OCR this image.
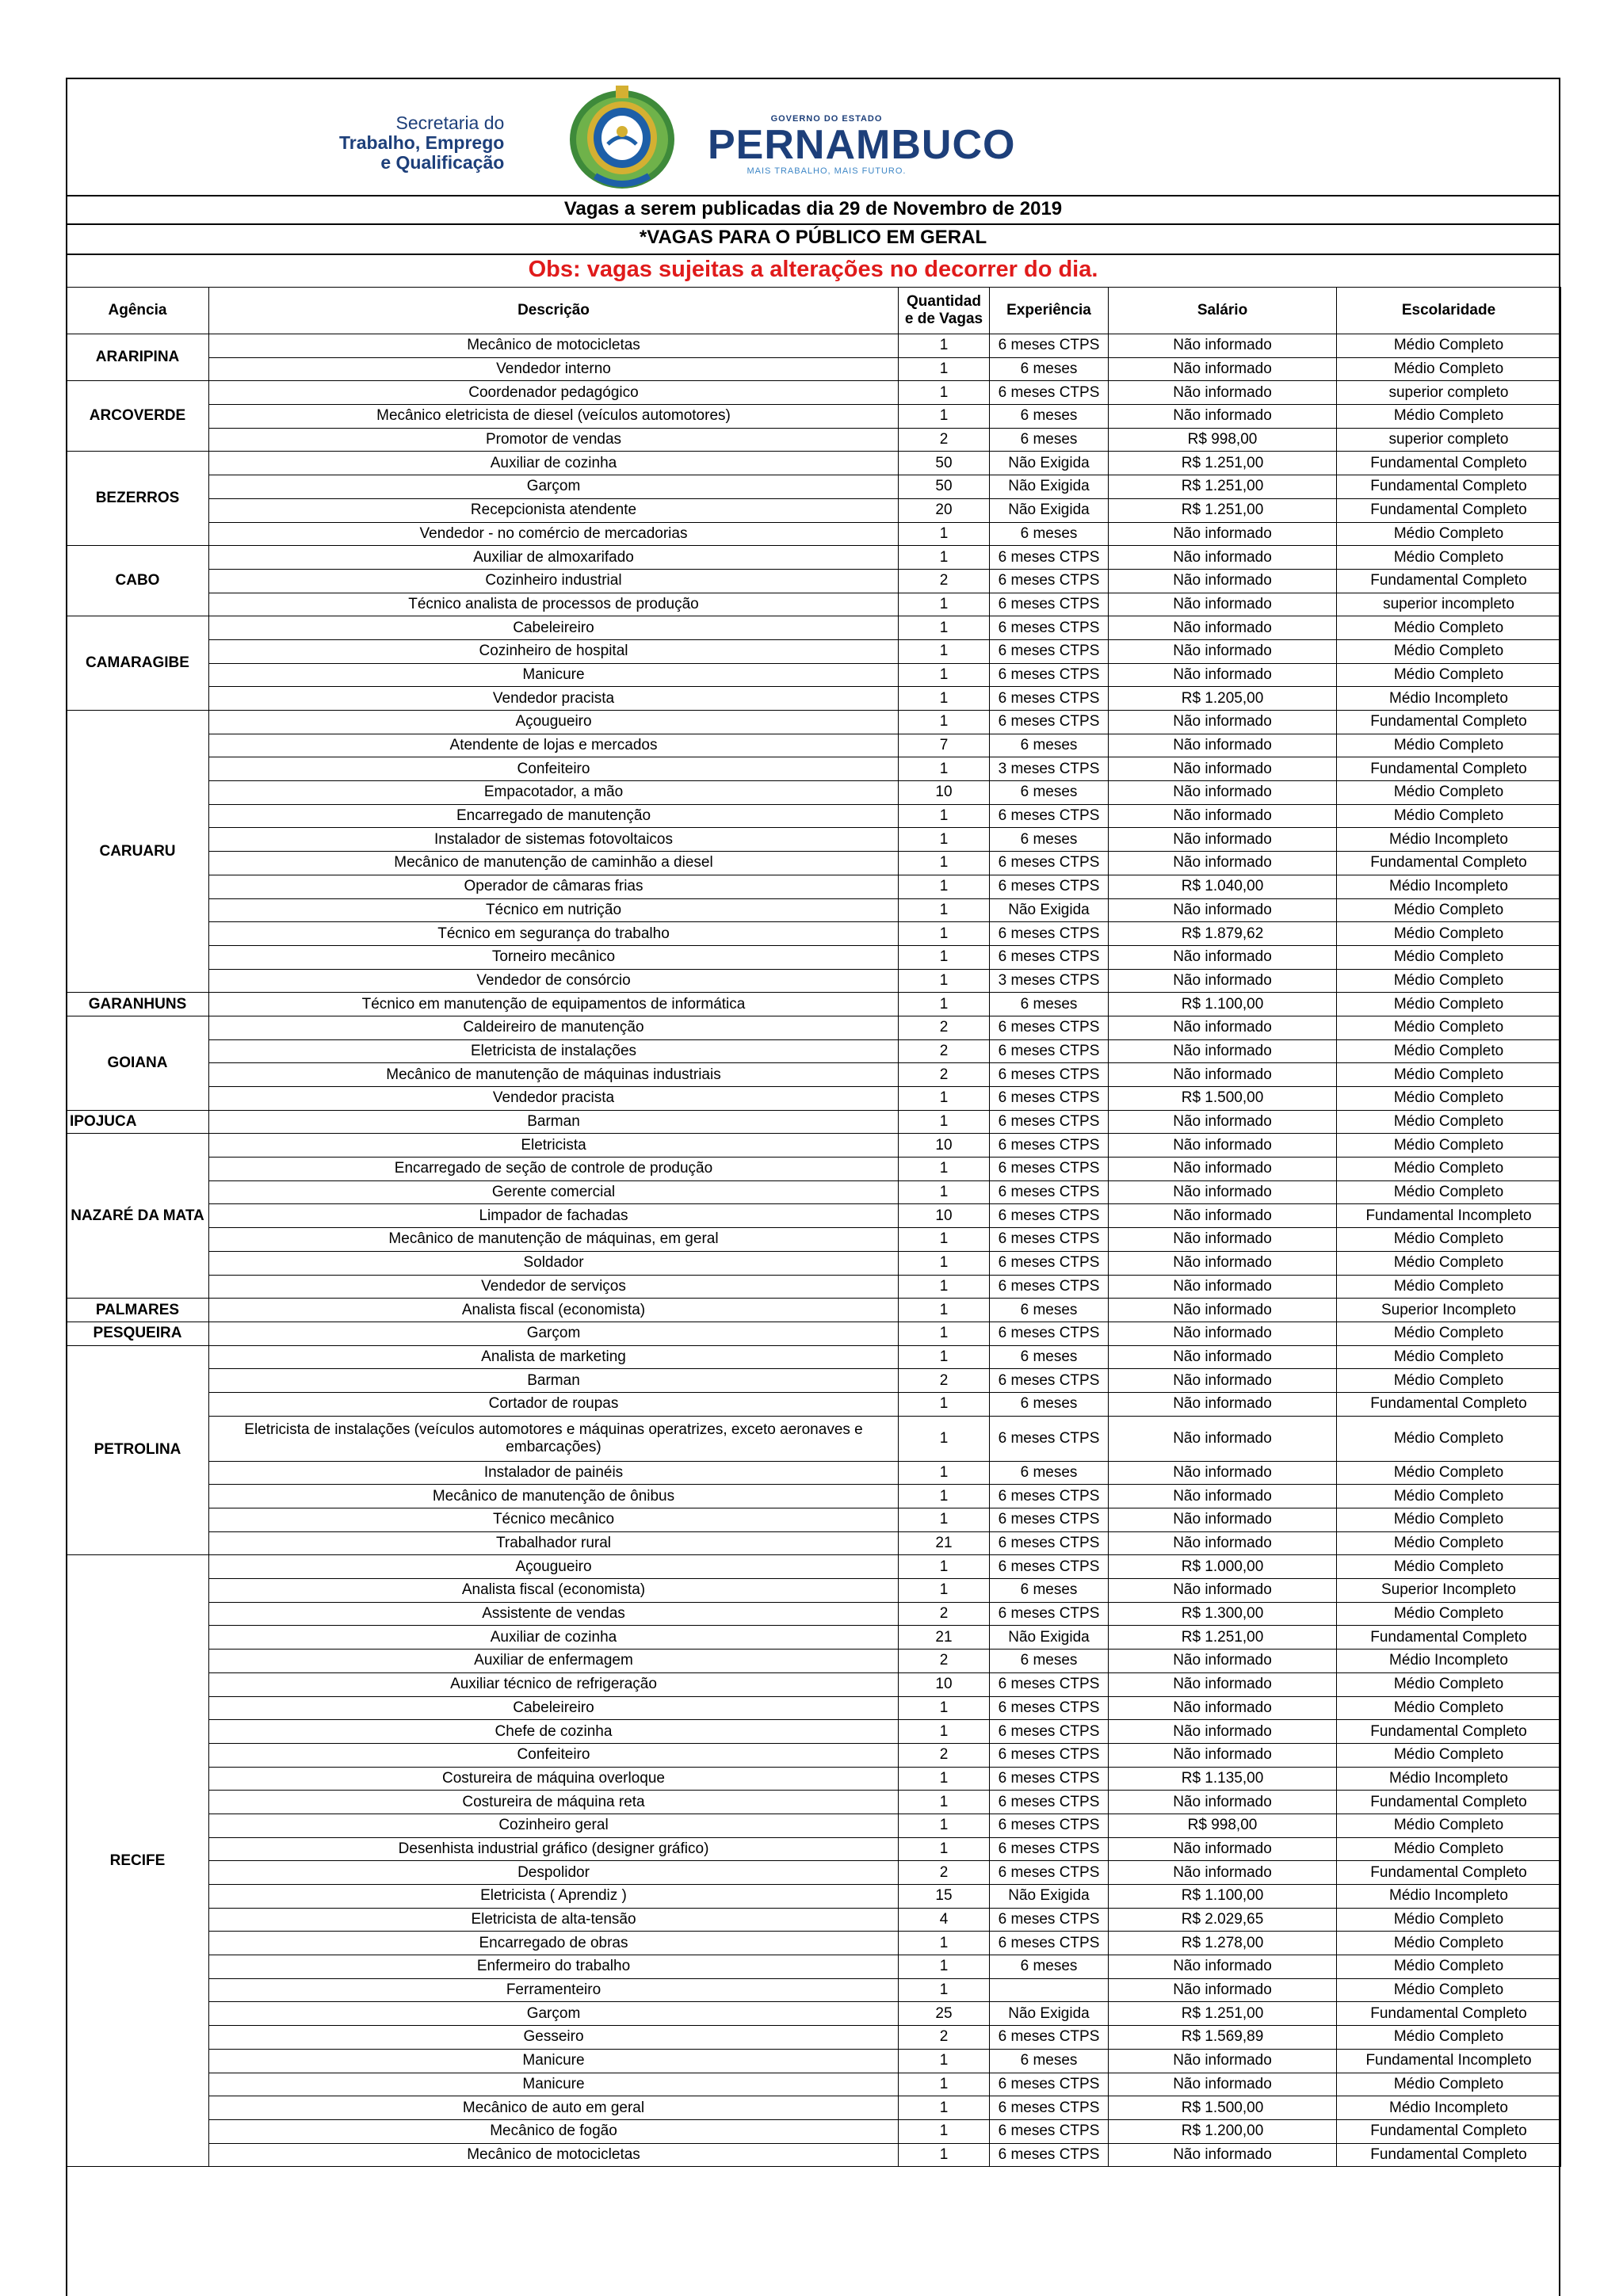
Secretaria do
Trabalho, Emprego
e Qualificação
GOVERNO DO ESTADO
PERNAMBUCO
MAIS TRABALHO, MAIS FUTURO.
Vagas a serem publicadas dia 29 de Novembro de 2019
*VAGAS PARA O PÚBLICO EM GERAL
Obs: vagas sujeitas a alterações no decorrer do dia.
Agência	Descrição	Quantidad e de Vagas	Experiência	Salário	Escolaridade
ARARIPINA	Mecânico de motocicletas	1	6 meses CTPS	Não informado	Médio Completo
	Vendedor interno	1	6 meses	Não informado	Médio Completo
ARCOVERDE	Coordenador pedagógico	1	6 meses CTPS	Não informado	superior completo
	Mecânico eletricista de diesel (veículos automotores)	1	6 meses	Não informado	Médio Completo
	Promotor de vendas	2	6 meses	R$ 998,00	superior completo
BEZERROS	Auxiliar de cozinha	50	Não Exigida	R$ 1.251,00	Fundamental Completo
	Garçom	50	Não Exigida	R$ 1.251,00	Fundamental Completo
	Recepcionista atendente	20	Não Exigida	R$ 1.251,00	Fundamental Completo
	Vendedor - no comércio de mercadorias	1	6 meses	Não informado	Médio Completo
CABO	Auxiliar de almoxarifado	1	6 meses CTPS	Não informado	Médio Completo
	Cozinheiro industrial	2	6 meses CTPS	Não informado	Fundamental Completo
	Técnico analista de processos de produção	1	6 meses CTPS	Não informado	superior incompleto
CAMARAGIBE	Cabeleireiro	1	6 meses CTPS	Não informado	Médio Completo
	Cozinheiro de hospital	1	6 meses CTPS	Não informado	Médio Completo
	Manicure	1	6 meses CTPS	Não informado	Médio Completo
	Vendedor pracista	1	6 meses CTPS	R$ 1.205,00	Médio Incompleto
CARUARU	Açougueiro	1	6 meses CTPS	Não informado	Fundamental Completo
	Atendente de lojas e mercados	7	6 meses	Não informado	Médio Completo
	Confeiteiro	1	3 meses CTPS	Não informado	Fundamental Completo
	Empacotador, a mão	10	6 meses	Não informado	Médio Completo
	Encarregado de manutenção	1	6 meses CTPS	Não informado	Médio Completo
	Instalador de sistemas fotovoltaicos	1	6 meses	Não informado	Médio Incompleto
	Mecânico de manutenção de caminhão a diesel	1	6 meses CTPS	Não informado	Fundamental Completo
	Operador de câmaras frias	1	6 meses CTPS	R$ 1.040,00	Médio Incompleto
	Técnico em nutrição	1	Não Exigida	Não informado	Médio Completo
	Técnico em segurança do trabalho	1	6 meses CTPS	R$ 1.879,62	Médio Completo
	Torneiro mecânico	1	6 meses CTPS	Não informado	Médio Completo
	Vendedor de consórcio	1	3 meses CTPS	Não informado	Médio Completo
GARANHUNS	Técnico em manutenção de equipamentos de informática	1	6 meses	R$ 1.100,00	Médio Completo
GOIANA	Caldeireiro de manutenção	2	6 meses CTPS	Não informado	Médio Completo
	Eletricista de instalações	2	6 meses CTPS	Não informado	Médio Completo
	Mecânico de manutenção de máquinas industriais	2	6 meses CTPS	Não informado	Médio Completo
	Vendedor pracista	1	6 meses CTPS	R$ 1.500,00	Médio Completo
IPOJUCA	Barman	1	6 meses CTPS	Não informado	Médio Completo
NAZARÉ DA MATA	Eletricista	10	6 meses CTPS	Não informado	Médio Completo
	Encarregado de seção de controle de produção	1	6 meses CTPS	Não informado	Médio Completo
	Gerente comercial	1	6 meses CTPS	Não informado	Médio Completo
	Limpador de fachadas	10	6 meses CTPS	Não informado	Fundamental Incompleto
	Mecânico de manutenção de máquinas, em geral	1	6 meses CTPS	Não informado	Médio Completo
	Soldador	1	6 meses CTPS	Não informado	Médio Completo
	Vendedor de serviços	1	6 meses CTPS	Não informado	Médio Completo
PALMARES	Analista fiscal (economista)	1	6 meses	Não informado	Superior Incompleto
PESQUEIRA	Garçom	1	6 meses CTPS	Não informado	Médio Completo
PETROLINA	Analista de marketing	1	6 meses	Não informado	Médio Completo
	Barman	2	6 meses CTPS	Não informado	Médio Completo
	Cortador de roupas	1	6 meses	Não informado	Fundamental Completo
	Eletricista de instalações (veículos automotores e máquinas operatrizes, exceto aeronaves e embarcações)	1	6 meses CTPS	Não informado	Médio Completo
	Instalador de painéis	1	6 meses	Não informado	Médio Completo
	Mecânico de manutenção de ônibus	1	6 meses CTPS	Não informado	Médio Completo
	Técnico mecânico	1	6 meses CTPS	Não informado	Médio Completo
	Trabalhador rural	21	6 meses CTPS	Não informado	Médio Completo
RECIFE	Açougueiro	1	6 meses CTPS	R$ 1.000,00	Médio Completo
	Analista fiscal (economista)	1	6 meses	Não informado	Superior Incompleto
	Assistente de vendas	2	6 meses CTPS	R$ 1.300,00	Médio Completo
	Auxiliar de cozinha	21	Não Exigida	R$ 1.251,00	Fundamental Completo
	Auxiliar de enfermagem	2	6 meses	Não informado	Médio Incompleto
	Auxiliar técnico de refrigeração	10	6 meses CTPS	Não informado	Médio Completo
	Cabeleireiro	1	6 meses CTPS	Não informado	Médio Completo
	Chefe de cozinha	1	6 meses CTPS	Não informado	Fundamental Completo
	Confeiteiro	2	6 meses CTPS	Não informado	Médio Completo
	Costureira de máquina overloque	1	6 meses CTPS	R$ 1.135,00	Médio Incompleto
	Costureira de máquina reta	1	6 meses CTPS	Não informado	Fundamental Completo
	Cozinheiro geral	1	6 meses CTPS	R$ 998,00	Médio Completo
	Desenhista industrial gráfico (designer gráfico)	1	6 meses CTPS	Não informado	Médio Completo
	Despolidor	2	6 meses CTPS	Não informado	Fundamental Completo
	Eletricista ( Aprendiz )	15	Não Exigida	R$ 1.100,00	Médio Incompleto
	Eletricista de alta-tensão	4	6 meses CTPS	R$ 2.029,65	Médio Completo
	Encarregado de obras	1	6 meses CTPS	R$ 1.278,00	Médio Completo
	Enfermeiro do trabalho	1	6 meses	Não informado	Médio Completo
	Ferramenteiro	1		Não informado	Médio Completo
	Garçom	25	Não Exigida	R$ 1.251,00	Fundamental Completo
	Gesseiro	2	6 meses CTPS	R$ 1.569,89	Médio Completo
	Manicure	1	6 meses	Não informado	Fundamental Incompleto
	Manicure	1	6 meses CTPS	Não informado	Médio Completo
	Mecânico de auto em geral	1	6 meses CTPS	R$ 1.500,00	Médio Incompleto
	Mecânico de fogão	1	6 meses CTPS	R$ 1.200,00	Fundamental Completo
	Mecânico de motocicletas	1	6 meses CTPS	Não informado	Fundamental Completo
